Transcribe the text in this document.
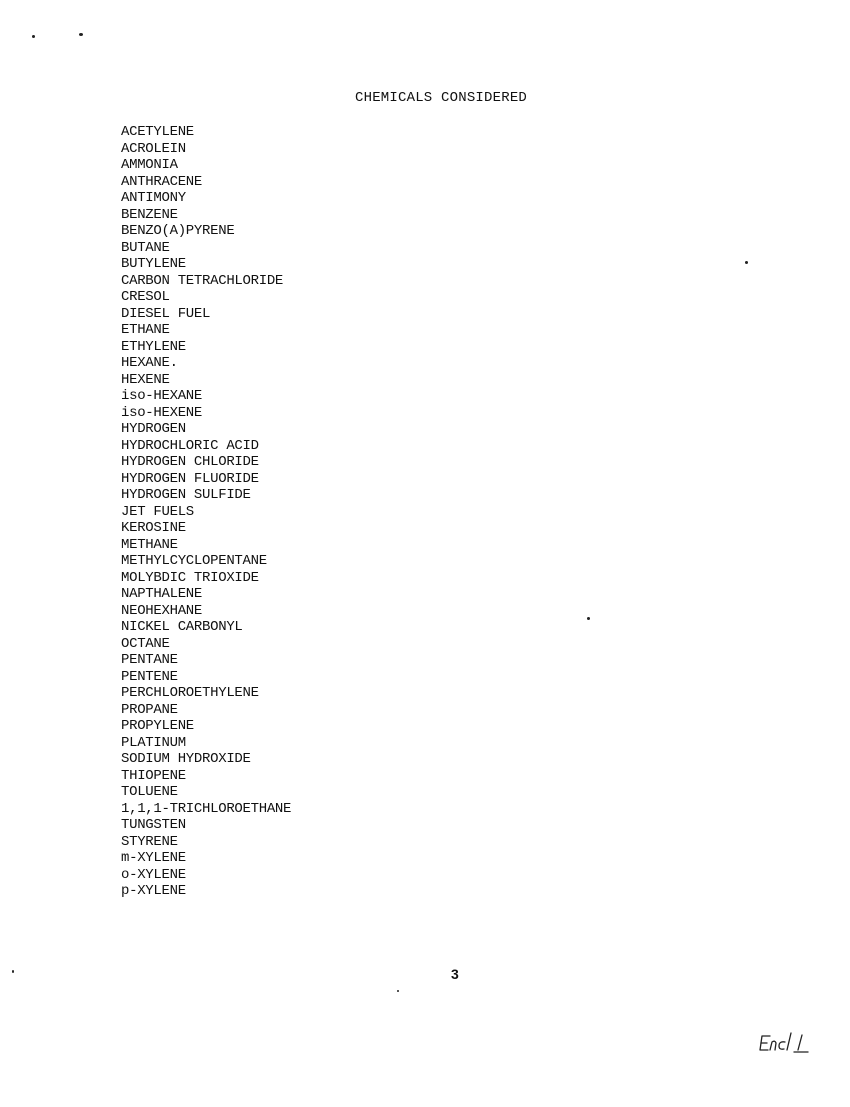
CHEMICALS CONSIDERED
ACETYLENE
ACROLEIN
AMMONIA
ANTHRACENE
ANTIMONY
BENZENE
BENZO(A)PYRENE
BUTANE
BUTYLENE
CARBON TETRACHLORIDE
CRESOL
DIESEL FUEL
ETHANE
ETHYLENE
HEXANE.
HEXENE
iso-HEXANE
iso-HEXENE
HYDROGEN
HYDROCHLORIC ACID
HYDROGEN CHLORIDE
HYDROGEN FLUORIDE
HYDROGEN SULFIDE
JET FUELS
KEROSINE
METHANE
METHYLCYCLOPENTANE
MOLYBDIC TRIOXIDE
NAPTHALENE
NEOHEXHANE
NICKEL CARBONYL
OCTANE
PENTANE
PENTENE
PERCHLOROETHYLENE
PROPANE
PROPYLENE
PLATINUM
SODIUM HYDROXIDE
THIOPENE
TOLUENE
1,1,1-TRICHLOROETHANE
TUNGSTEN
STYRENE
m-XYLENE
o-XYLENE
p-XYLENE
3
